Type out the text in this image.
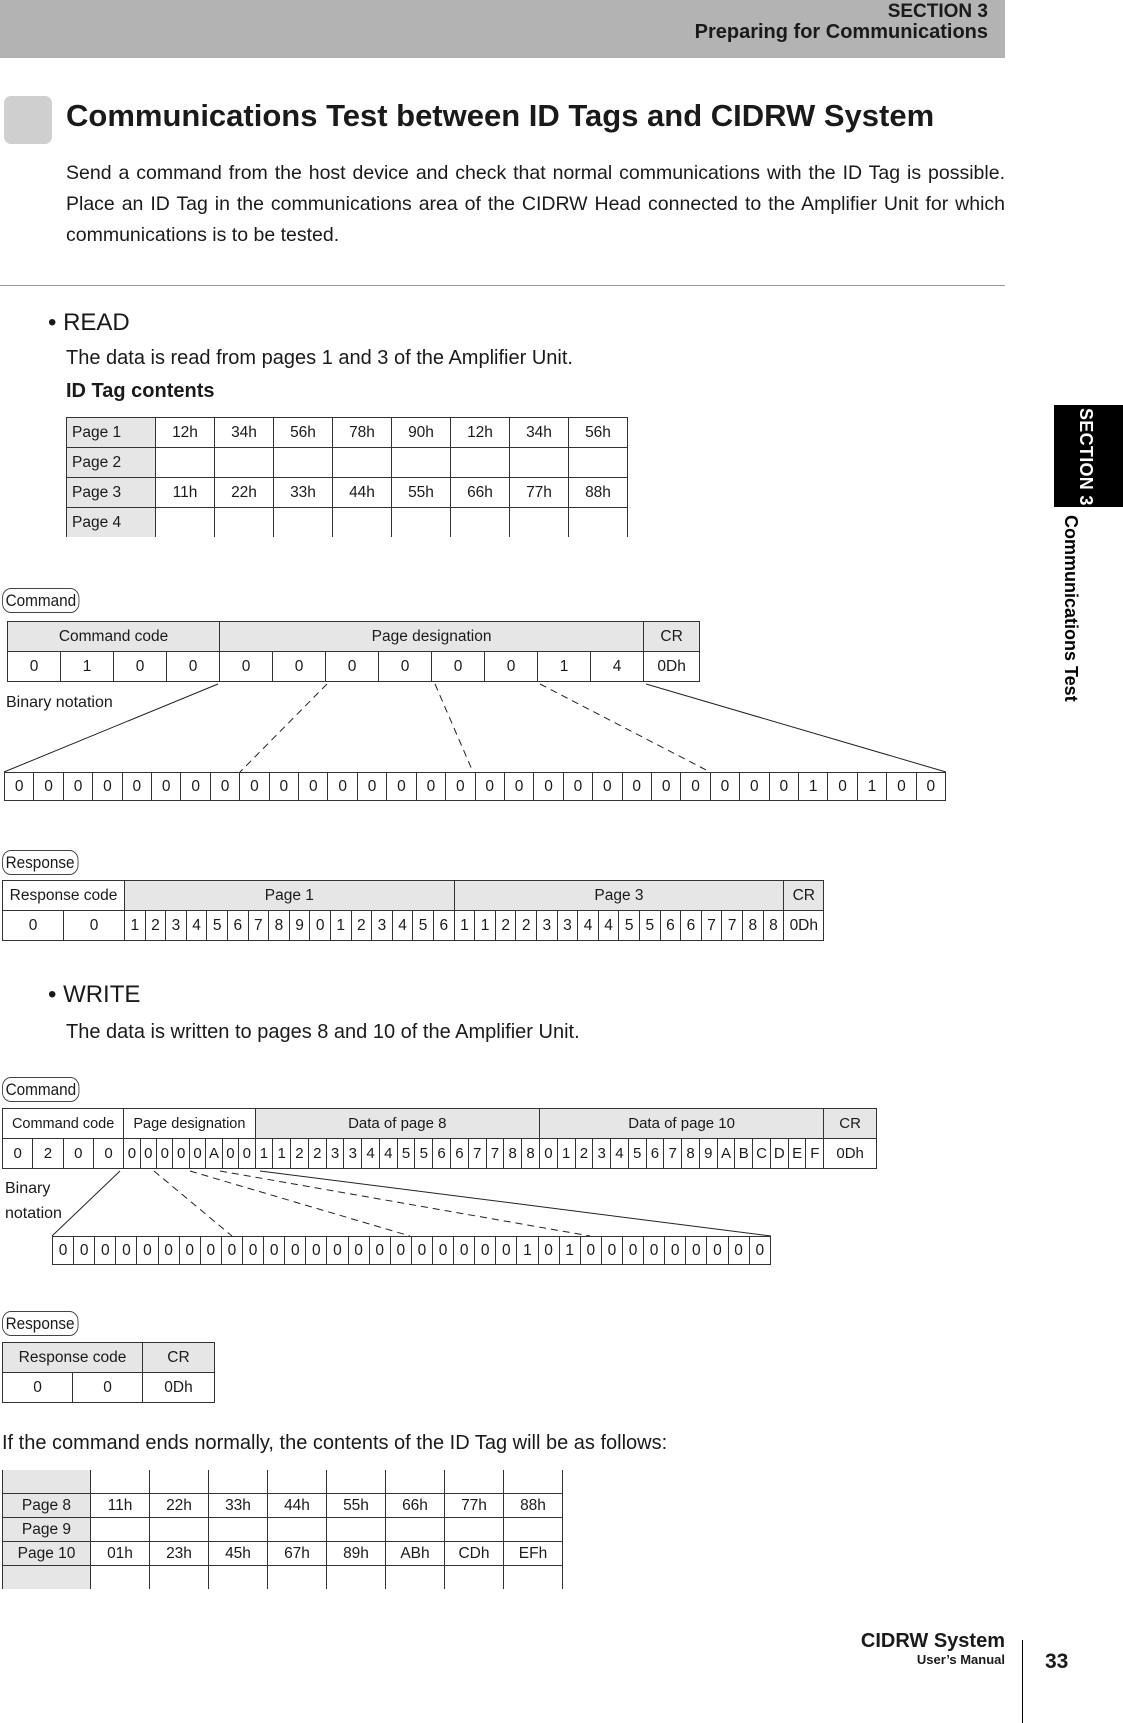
SECTION 3
Preparing for Communications
SECTION 3
Communications Test
Communications Test between ID Tags and CIDRW System
Send a command from the host device and check that normal communications with the ID Tag is possible. Place an ID Tag in the communications area of the CIDRW Head connected to the Amplifier Unit for which communications is to be tested.
• READ
The data is read from pages 1 and 3 of the Amplifier Unit.
ID Tag contents
Page 1	12h	34h	56h	78h	90h	12h	34h	56h
Page 2								
Page 3	11h	22h	33h	44h	55h	66h	77h	88h
Page 4								
Command
Command code				Page designation								CR
0	1	0	0	0	0	0	0	0	0	1	4	0Dh
Binary notation
0	0	0	0	0	0	0	0	0	0	0	0	0	0	0	0	0	0	0	0	0	0	0	0	0	0	0	1	0	1	0	0
Response
Response code		Page 1																Page 3																CR
0	0	1	2	3	4	5	6	7	8	9	0	1	2	3	4	5	6	1	1	2	2	3	3	4	4	5	5	6	6	7	7	8	8	0Dh
• WRITE
The data is written to pages 8 and 10 of the Amplifier Unit.
Command
Command code				Page designation								Data of page 8																Data of page 10																CR
0	2	0	0	0	0	0	0	0	A	0	0	1	1	2	2	3	3	4	4	5	5	6	6	7	7	8	8	0	1	2	3	4	5	6	7	8	9	A	B	C	D	E	F	0Dh
Binary
notation
0	0	0	0	0	0	0	0	0	0	0	0	0	0	0	0	0	0	0	0	0	0	1	0	1	0	0	0	0	0	0	0	0	0
Response
Response code		CR
0	0	0Dh
If the command ends normally, the contents of the ID Tag will be as follows:

Page 8	11h	22h	33h	44h	55h	66h	77h	88h
Page 9								
Page 10	01h	23h	45h	67h	89h	ABh	CDh	EFh

CIDRW System
User’s Manual 33
